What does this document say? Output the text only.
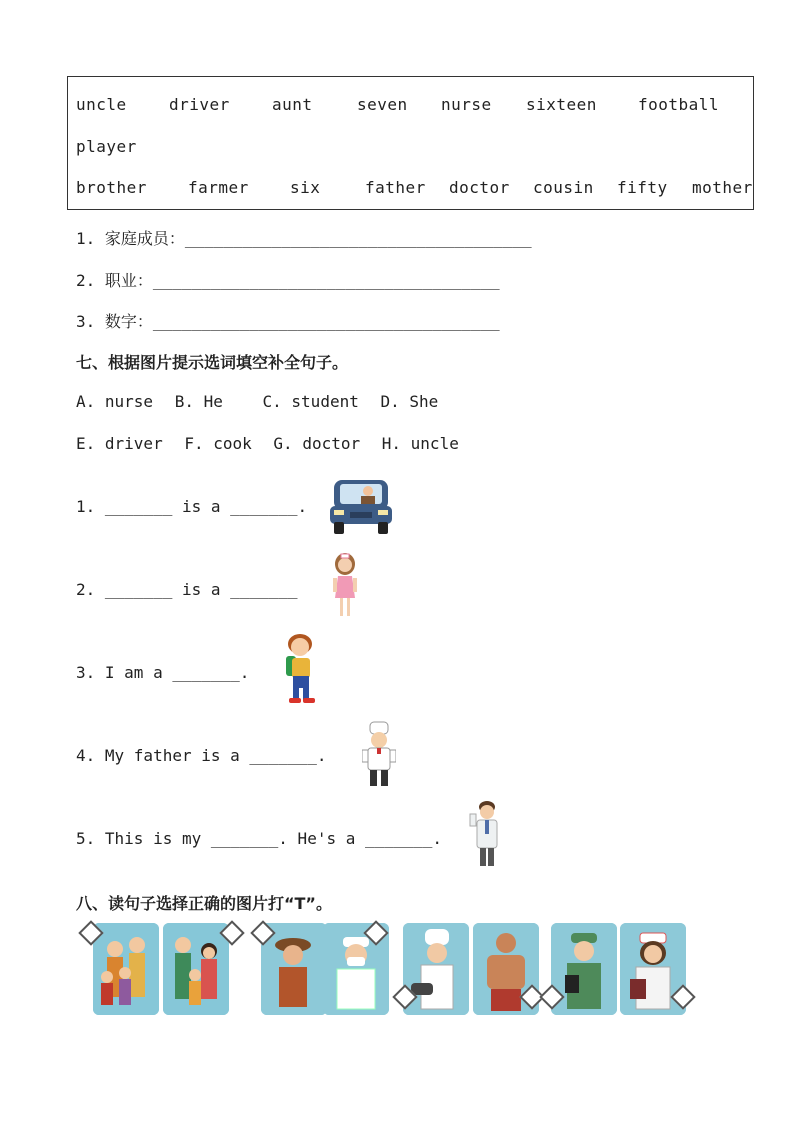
uncle	driver	aunt	seven nurse sixteen	football
player
brother	farmer	six	father doctor cousin fifty mother
1. 家庭成员：____________________________________
2. 职业：____________________________________
3. 数字：____________________________________
七、根据图片提示选词填空补全句子。
A. nurse B. He C. student D. She
E. driver F. cook G. doctor H. uncle
1. _______ is a _______.
2. _______ is a _______
3. I am a _______.
4. My father is a _______.
5. This is my _______. He's a _______.
八、读句子选择正确的图片打“T”。
